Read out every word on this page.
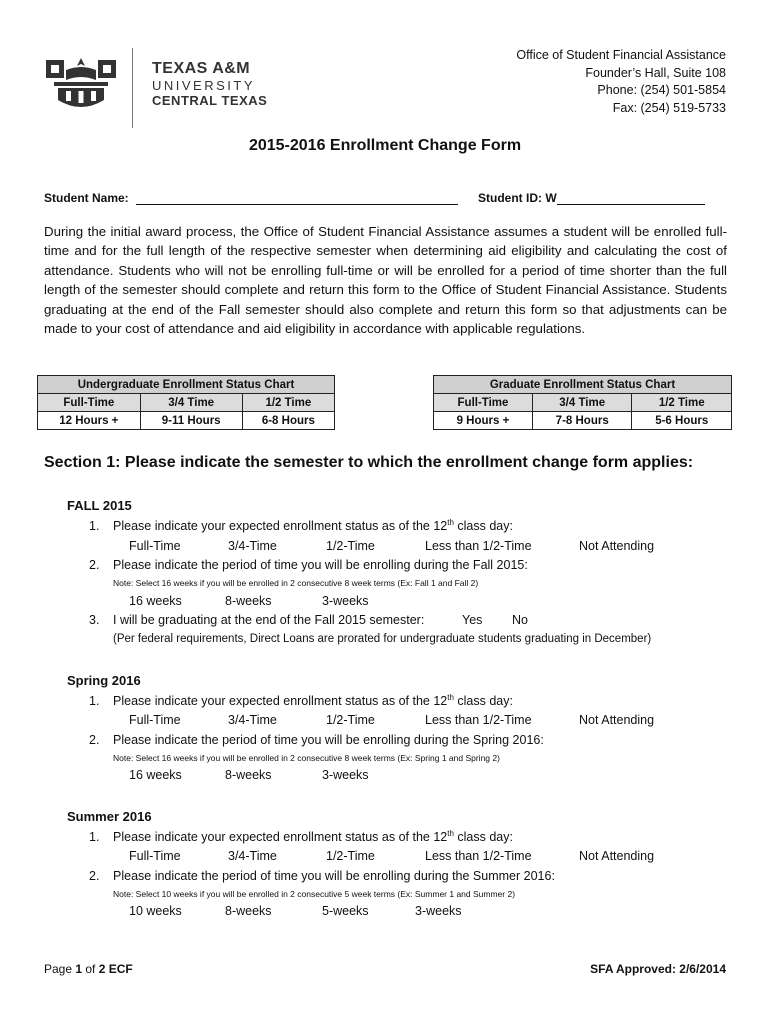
TEXAS A&M
UNIVERSITY
CENTRAL TEXAS
Office of Student Financial Assistance
Founder’s Hall, Suite 108
Phone: (254) 501-5854
Fax: (254) 519-5733
2015-2016 Enrollment Change Form
Student Name:	Student ID: W
During the initial award process, the Office of Student Financial Assistance assumes a student will be enrolled full-time and for the full length of the respective semester when determining aid eligibility and calculating the cost of attendance. Students who will not be enrolling full-time or will be enrolled for a period of time shorter than the full length of the semester should complete and return this form to the Office of Student Financial Assistance. Students graduating at the end of the Fall semester should also complete and return this form so that adjustments can be made to your cost of attendance and aid eligibility in accordance with applicable regulations.
Undergraduate Enrollment Status Chart		
Full-Time	3/4 Time	1/2 Time
12 Hours +	9-11 Hours	6-8 Hours
Graduate Enrollment Status Chart		
Full-Time	3/4 Time	1/2 Time
9 Hours +	7-8 Hours	5-6 Hours
Section 1: Please indicate the semester to which the enrollment change form applies:
FALL 2015
1. Please indicate your expected enrollment status as of the 12th class day:
Full-Time	3/4-Time	1/2-Time	Less than 1/2-Time	Not Attending
2. Please indicate the period of time you will be enrolling during the Fall 2015:
Note: Select 16 weeks if you will be enrolled in 2 consecutive 8 week terms (Ex: Fall 1 and Fall 2)
16 weeks	8-weeks	3-weeks
3. I will be graduating at the end of the Fall 2015 semester:	Yes No
(Per federal requirements, Direct Loans are prorated for undergraduate students graduating in December)
Spring 2016
1. Please indicate your expected enrollment status as of the 12th class day:
Full-Time	3/4-Time	1/2-Time	Less than 1/2-Time	Not Attending
2. Please indicate the period of time you will be enrolling during the Spring 2016:
Note: Select 16 weeks if you will be enrolled in 2 consecutive 8 week terms (Ex: Spring 1 and Spring 2)
16 weeks	8-weeks	3-weeks
Summer 2016
1. Please indicate your expected enrollment status as of the 12th class day:
Full-Time	3/4-Time	1/2-Time	Less than 1/2-Time	Not Attending
2. Please indicate the period of time you will be enrolling during the Summer 2016:
Note: Select 10 weeks if you will be enrolled in 2 consecutive 5 week terms (Ex: Summer 1 and Summer 2)
10 weeks	8-weeks	5-weeks	3-weeks
Page 1 of 2 ECF	SFA Approved: 2/6/2014
